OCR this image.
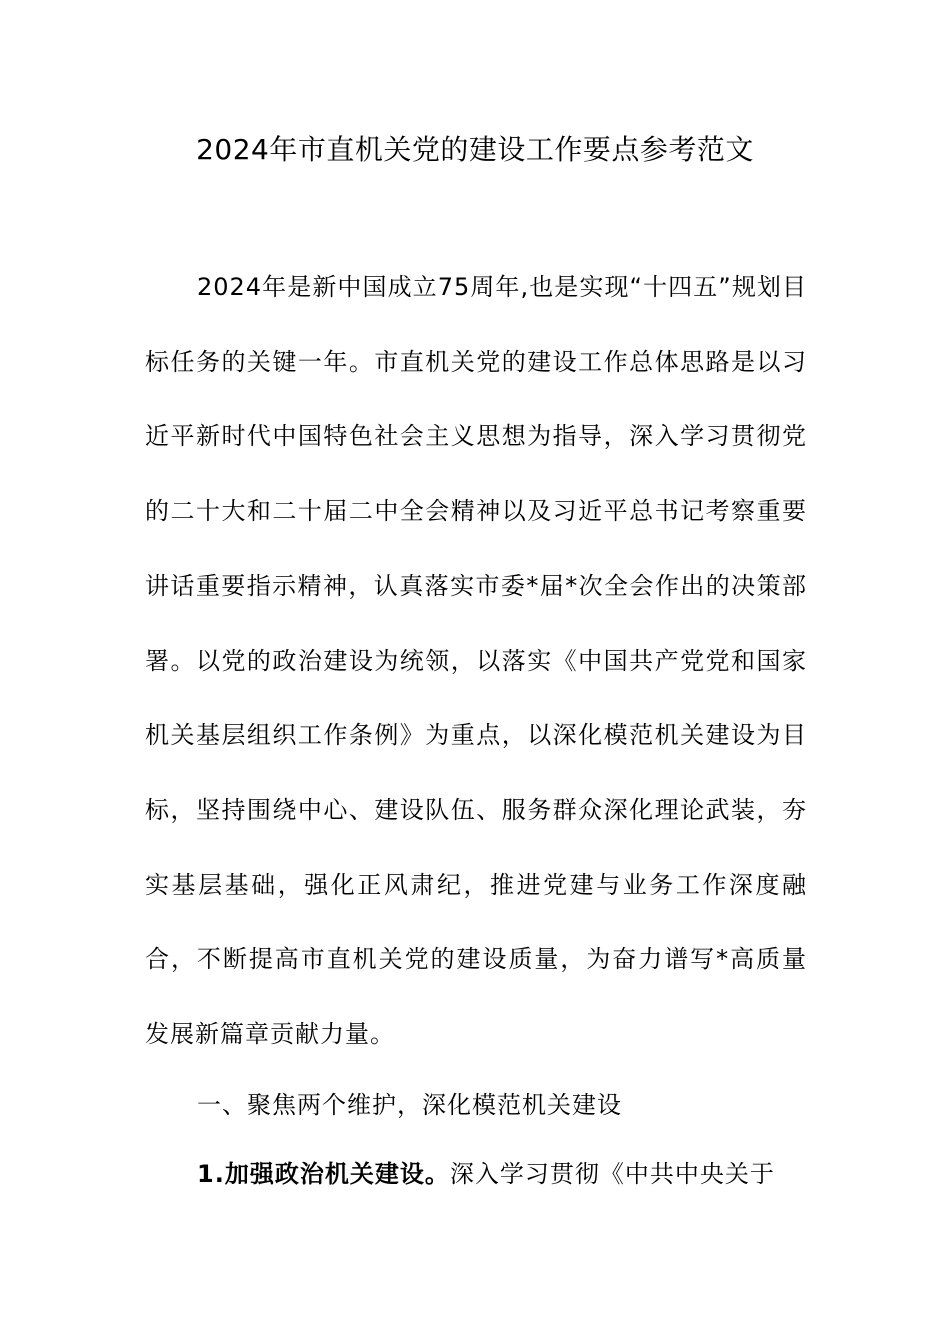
2024年市直机关党的建设工作要点参考范文
2024年是新中国成立75周年,也是实现“十四五”规划目标任务的关键一年。市直机关党的建设工作总体思路是以习近平新时代中国特色社会主义思想为指导，深入学习贯彻党的二十大和二十届二中全会精神以及习近平总书记考察重要讲话重要指示精神，认真落实市委*届*次全会作出的决策部署。以党的政治建设为统领，以落实《中国共产党党和国家机关基层组织工作条例》为重点，以深化模范机关建设为目标，坚持围绕中心、建设队伍、服务群众深化理论武装，夯实基层基础，强化正风肃纪，推进党建与业务工作深度融合，不断提高市直机关党的建设质量，为奋力谱写*高质量发展新篇章贡献力量。
一、聚焦两个维护，深化模范机关建设
1.加强政治机关建设。深入学习贯彻《中共中央关于
